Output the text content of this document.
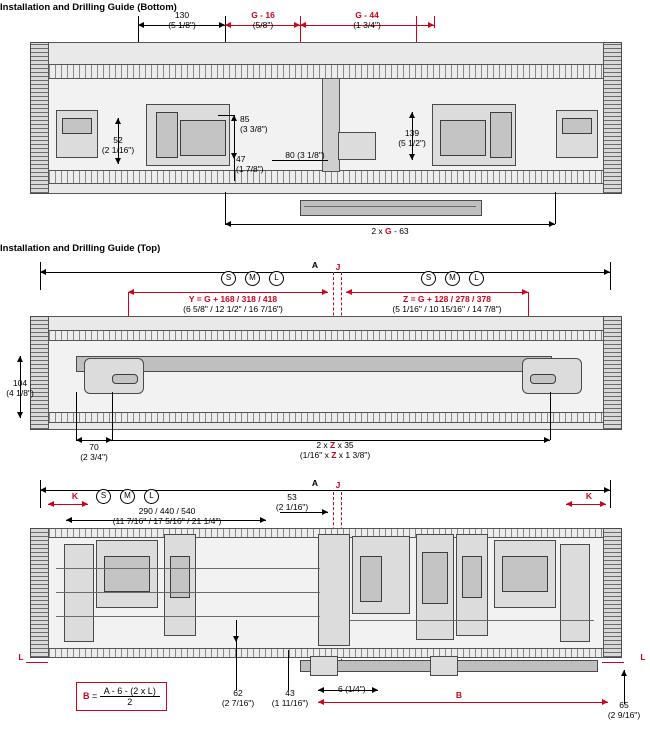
Installation and Drilling Guide (Bottom)
130
(5 1/8")
G - 16
(5/8")
G - 44
(1 3/4")
85
(3 3/8")
52
(2 1/16")
47
(1 7/8")
80 (3 1/8")
139
(5 1/2")
2 x G - 63
Installation and Drilling Guide (Top)
A
S	M	L	S	M	L
J
Y = G + 168 / 318 / 418
(6 5/8" / 12 1/2" / 16 7/16")
Z = G + 128 / 278 / 378
(5 1/16" / 10 15/16" / 14 7/8")
104
(4 1/8")
70
(2 3/4")
2 x Z x 35
(1/16" x Z x 1 3/8")
A	J
K	K
S	M	L
290 / 440 / 540
(11 7/16" / 17 5/16" / 21 1/4")
53
(2 1/16")
L	L
62
(2 7/16")
43
(1 11/16")
6 (1/4")
65
(2 9/16")
B
$B = \frac{\text{A - 6 - (2 x L)}}{2}$
